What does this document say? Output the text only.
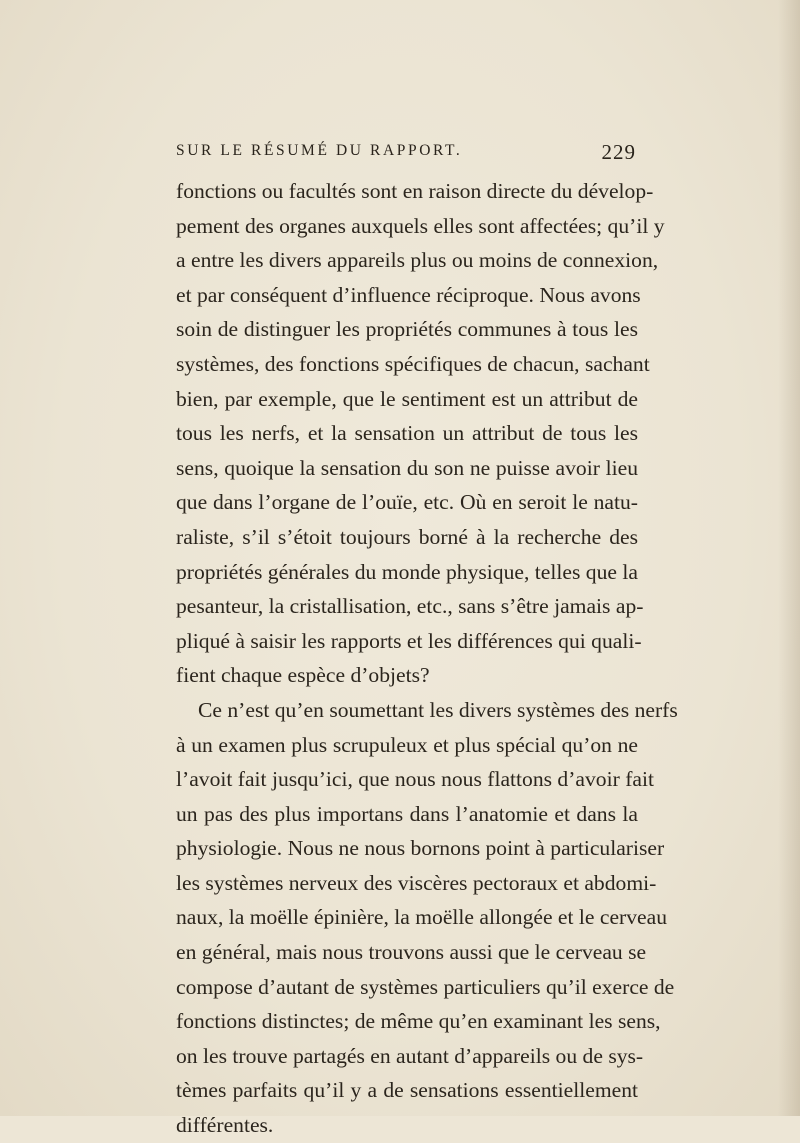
SUR LE RÉSUMÉ DU RAPPORT.	229
fonctions ou facultés sont en raison directe du dévelop-
pement des organes auxquels elles sont affectées; qu’il y
a entre les divers appareils plus ou moins de connexion,
et par conséquent d’influence réciproque. Nous avons
soin de distinguer les propriétés communes à tous les
systèmes, des fonctions spécifiques de chacun, sachant
bien, par exemple, que le sentiment est un attribut de
tous les nerfs, et la sensation un attribut de tous les
sens, quoique la sensation du son ne puisse avoir lieu
que dans l’organe de l’ouïe, etc. Où en seroit le natu-
raliste, s’il s’étoit toujours borné à la recherche des
propriétés générales du monde physique, telles que la
pesanteur, la cristallisation, etc., sans s’être jamais ap-
pliqué à saisir les rapports et les différences qui quali-
fient chaque espèce d’objets?
Ce n’est qu’en soumettant les divers systèmes des nerfs
à un examen plus scrupuleux et plus spécial qu’on ne
l’avoit fait jusqu’ici, que nous nous flattons d’avoir fait
un pas des plus importans dans l’anatomie et dans la
physiologie. Nous ne nous bornons point à particulariser
les systèmes nerveux des viscères pectoraux et abdomi-
naux, la moëlle épinière, la moëlle allongée et le cerveau
en général, mais nous trouvons aussi que le cerveau se
compose d’autant de systèmes particuliers qu’il exerce de
fonctions distinctes; de même qu’en examinant les sens,
on les trouve partagés en autant d’appareils ou de sys-
tèmes parfaits qu’il y a de sensations essentiellement
différentes.
